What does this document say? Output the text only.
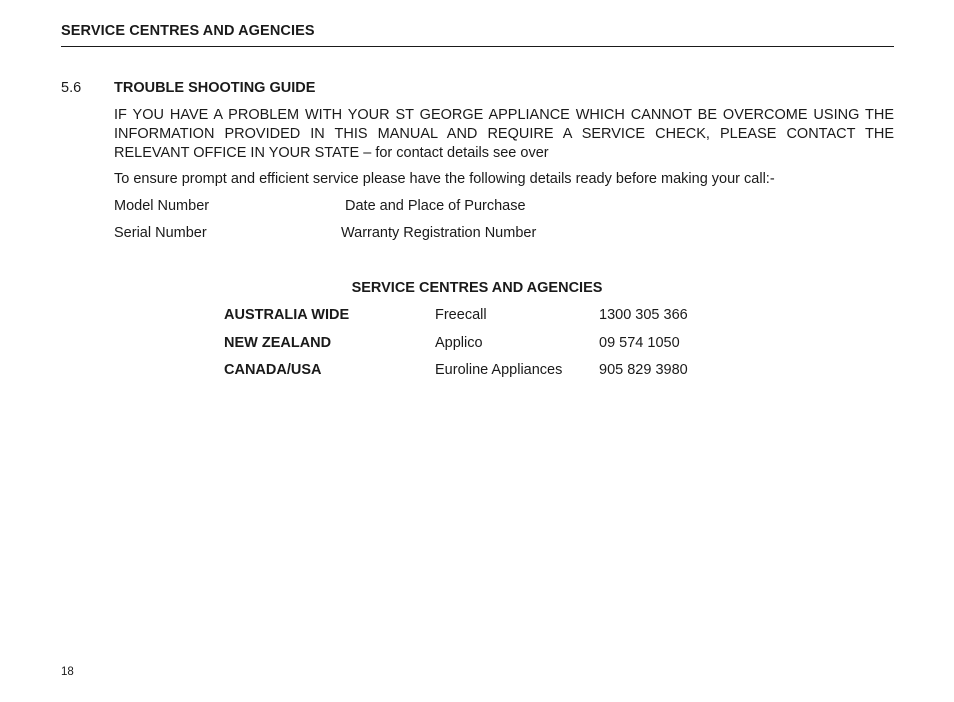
SERVICE CENTRES AND AGENCIES
5.6 TROUBLE SHOOTING GUIDE

IF YOU HAVE A PROBLEM WITH YOUR ST GEORGE APPLIANCE WHICH CANNOT BE OVERCOME USING THE INFORMATION PROVIDED IN THIS MANUAL AND REQUIRE A SERVICE CHECK, PLEASE CONTACT THE RELEVANT OFFICE IN YOUR STATE – for contact details see over

To ensure prompt and efficient service please have the following details ready before making your call:-

Model Number	Date and Place of Purchase
Serial Number	Warranty Registration Number
SERVICE CENTRES AND AGENCIES
AUSTRALIA WIDE	Freecall	1300 305 366
NEW ZEALAND	Applico	09 574 1050
CANADA/USA	Euroline Appliances	905 829 3980
18
